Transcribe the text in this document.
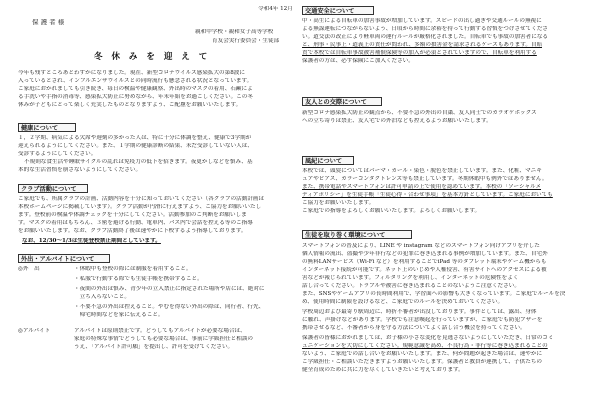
令和4年 12月
保 護 者 様
親和中学校・親和女子高等学校
育友会実行委員会・生徒部
冬 休 み を 迎 え て
今年も残すところあとわずかになりました。現在、新型コロナウイルス感染拡大の第8波に
入っているとされ、インフルエンザウイルスとの同時流行も懸念される状況となっています。
ご家庭におかれましても引き続き、毎日の検温や健康観察、外出時のマスクの着用、石鹸によ
る手洗いや手指の消毒等、感染拡大防止に努めながら、年末年始をお過ごしください。この冬
休みが子どもにとって楽しく充実したものとなりますよう、ご配慮をお願いいたします。
健康について
１，２学期、病気による欠席や遅刻の多かった人は、特に十分に体調を整え、健康で3学期が
迎えられるようにしてください。また、１学期の健康診断の結果、未だ受診していない人は、
受診するようにしてください。
不規則な食生活や睡眠サイクルの乱れは免疫力の低下を招きます。夜更かしなどを慎み、基
本的な生活習慣を崩さないようにしてください。
クラブ活動について
ご家庭でも、所属クラブの計画、活動内容を十分に知っておいてください（各クラブの活動計画は
本校ホームページに掲載しています）。クラブ活動が円滑に行えますよう、ご協力をお願いいたし
ます。登校前の検温や体調チェックを十分にしてください。活動参加のご判断をお願いしま
す。マスクの着用はもちろん、３密を避ける行動、電車内、バス内で会話を控える等のご指導
をお願いいたします。なお、クラブ活動終了後は速やかに下校するよう指導しております。
なお、12/30～1/3は生徒登校禁止期間としています。
外出・アルバイトについて
◎外　出	・休暇中も登校の際には制服を着用すること。
・私服で行動する際でも生徒手帳を携帯すること。
・夜間の外出は慎み、青少年の立入禁止に指定された場所や店には、絶対に
　立ち入らないこと。
・不要不急の外出は控えること。やむを得ない外出の際は、同行者、行先、
　帰宅時間などを家に伝えること。
◎アルバイト	アルバイトは原則禁止です。どうしてもアルバイトが必要な場合は、
家庭の特殊な事情でどうしても必要な場合は、事前に学級担任と相談の
うえ、「アルバイト許可願」を提出し、許可を受けてください。
交通安全について
中・高生による自転車の加害事故が増加しています。スピードの出し過ぎや交通ルールの無視に
よる無謀運転につながらないよう、日頃から時間に余裕を持って行動する習慣をつけさせてくださ
い。道交法の改正により軽車両の運行ルールが厳格化されました。自転車でも事故の加害者になる
と、刑事・民事上・道義上の責任が問われ、多額の損害金を請求されるケースもあります。自賠
責で本校では自転車事故被害補償保険等の加入が必須とされていますので、自転車を利用する
保護者の方は、必ず保険にご加入ください。
友人との交際について
新型コロナ感染拡大防止の観点から、不要不急の外出の自粛、友人同士でのカラオケボックス
への立ち寄りは禁止、友人宅での外泊なども控えるようお願いいたします。
風紀について
本校では、頭髪についてはパーマ・カール・染色・脱色を禁止しています。また、化粧、マニキ
ュアやピアス、カラーコンタクトレンズ等も禁止しています。冬期休暇中も例外ではありません。
また、携帯電話やスマートフォンは許可申請の上で使用を認めています。本校の「ソーシャルメ
ディアポリシー」を生徒手帳「生徒心得・合わせ事項」を基本方針としています。ご家庭においても
ご協力をお願いいたします。
ご家庭での指導をよろしくお願いいたします。よろしくお願いします。
生徒を取り巻く環境について
スマートフォンの普及により、LINE や instagram などのスマートフォン向けアプリを介した
個人情報の流出、盗撮や少年非行などの犯罪に巻き込まれる事例が増加しています。また、自宅外
の無料LANサービス（Wi-Fi など）を利用することでiPad 等のタブレット端末やゲーム機からも
インターネット接続が可能です。ネット上のいじめや人権侵害、有害サイトへのアクセスによる被
害などが報じられています。フィルタリングを利用し、インターネットの危険性をよく
話し合ってください。トラブルや被害に巻き込まれることのないようご注意ください。
また、SNSやゲームアプリの長時間利用で、学習面への影響も大きくなっています。ご家庭でルールを決
め、使用時間に制限を設けるなど、ご家庭でのルールを決めておいてください。
学校周辺および最寄り駅周辺に、時折不審者が出没しております。事件としては、露出、身体
に触れ、声掛けなどがあります。学校でも注意喚起を行っていますが、ご家庭でも防犯ブザーを
携帯させるなど、不審者から身を守る方法についてよく話し合う機会を持ってください。
保護者の皆様におかれましては、お子様の小さな変化を見逃さないようにしていただき、日常のコミ
ュニケーションを大切にしてください。規範意識を高め、不良行為・非行等に巻き込まれることの
ないよう、ご家庭での話し合いをお願いいたします。また、何か問題が起きた場合は、速やかに
ご学級担任・ご相談いただきますようお願いいたします。保護者と教員が連携して、子供たちの
健全育成のために共に力を尽くしていきたいと考えております。
